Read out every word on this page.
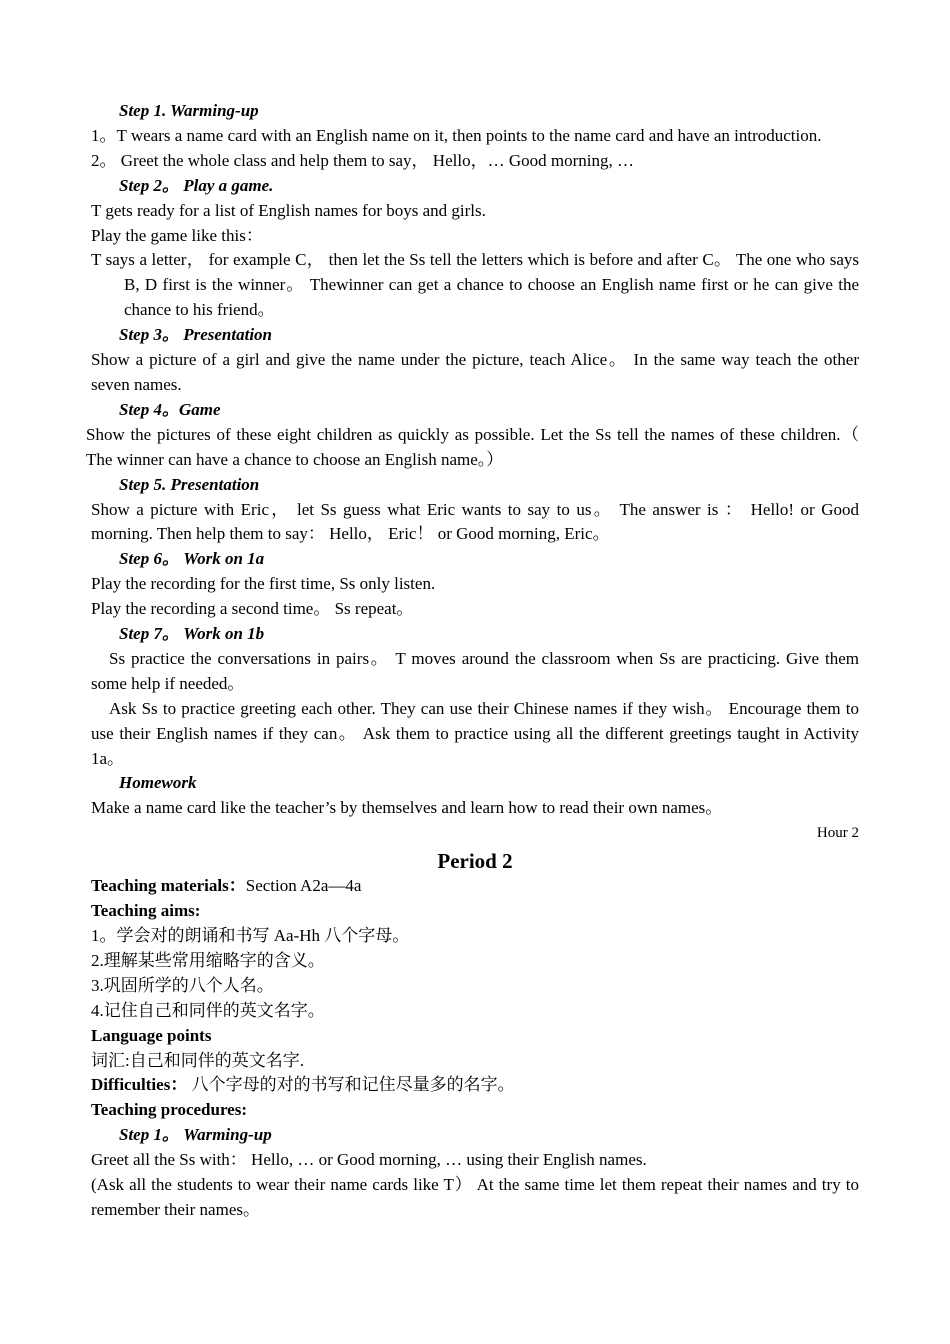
Step 1. Warming-up
1。T wears a name card with an English name on it, then points to the name card and have an introduction.
2。 Greet the whole class and help them to say， Hello，… Good morning, …
Step 2。 Play a game.
T gets ready for a list of English names for boys and girls.
Play the game like this：
T says a letter， for example C， then let the Ss tell the letters which is before and after C。 The one who says B, D first is the winner。 Thewinner can get a chance to choose an English name first or he can give the chance to his friend。
Step 3。 Presentation
Show a picture of a girl and give the name under the picture, teach Alice。 In the same way teach the other seven names.
Step 4。Game
Show the pictures of these eight children as quickly as possible. Let the Ss tell the names of these children.（ The winner can have a chance to choose an English name。）
Step 5. Presentation
Show a picture with Eric， let Ss guess what Eric wants to say to us。 The answer is ： Hello! or Good morning. Then help them to say： Hello， Eric！ or Good morning, Eric。
Step 6。 Work on 1a
Play the recording for the first time, Ss only listen.
Play the recording a second time。 Ss repeat。
Step 7。 Work on 1b
Ss practice the conversations in pairs。 T moves around the classroom when Ss are practicing. Give them some help if needed。
Ask Ss to practice greeting each other. They can use their Chinese names if they wish。 Encourage them to use their English names if they can。 Ask them to practice using all the different greetings taught in Activity 1a。
Homework
Make a name card like the teacher’s by themselves and learn how to read their own names。
Hour 2
Period 2
Teaching materials：Section A2a—4a
Teaching aims:
1。学会对的朗诵和书写 Aa-Hh 八个字母。
2.理解某些常用缩略字的含义。
3.巩固所学的八个人名。
4.记住自己和同伴的英文名字。
Language points
词汇:自己和同伴的英文名字.
Difficulties： 八个字母的对的书写和记住尽量多的名字。
Teaching procedures:
Step 1。 Warming-up
Greet all the Ss with： Hello, … or Good morning, … using their English names.
(Ask all the students to wear their name cards like T） At the same time let them repeat their names and try to remember their names。
